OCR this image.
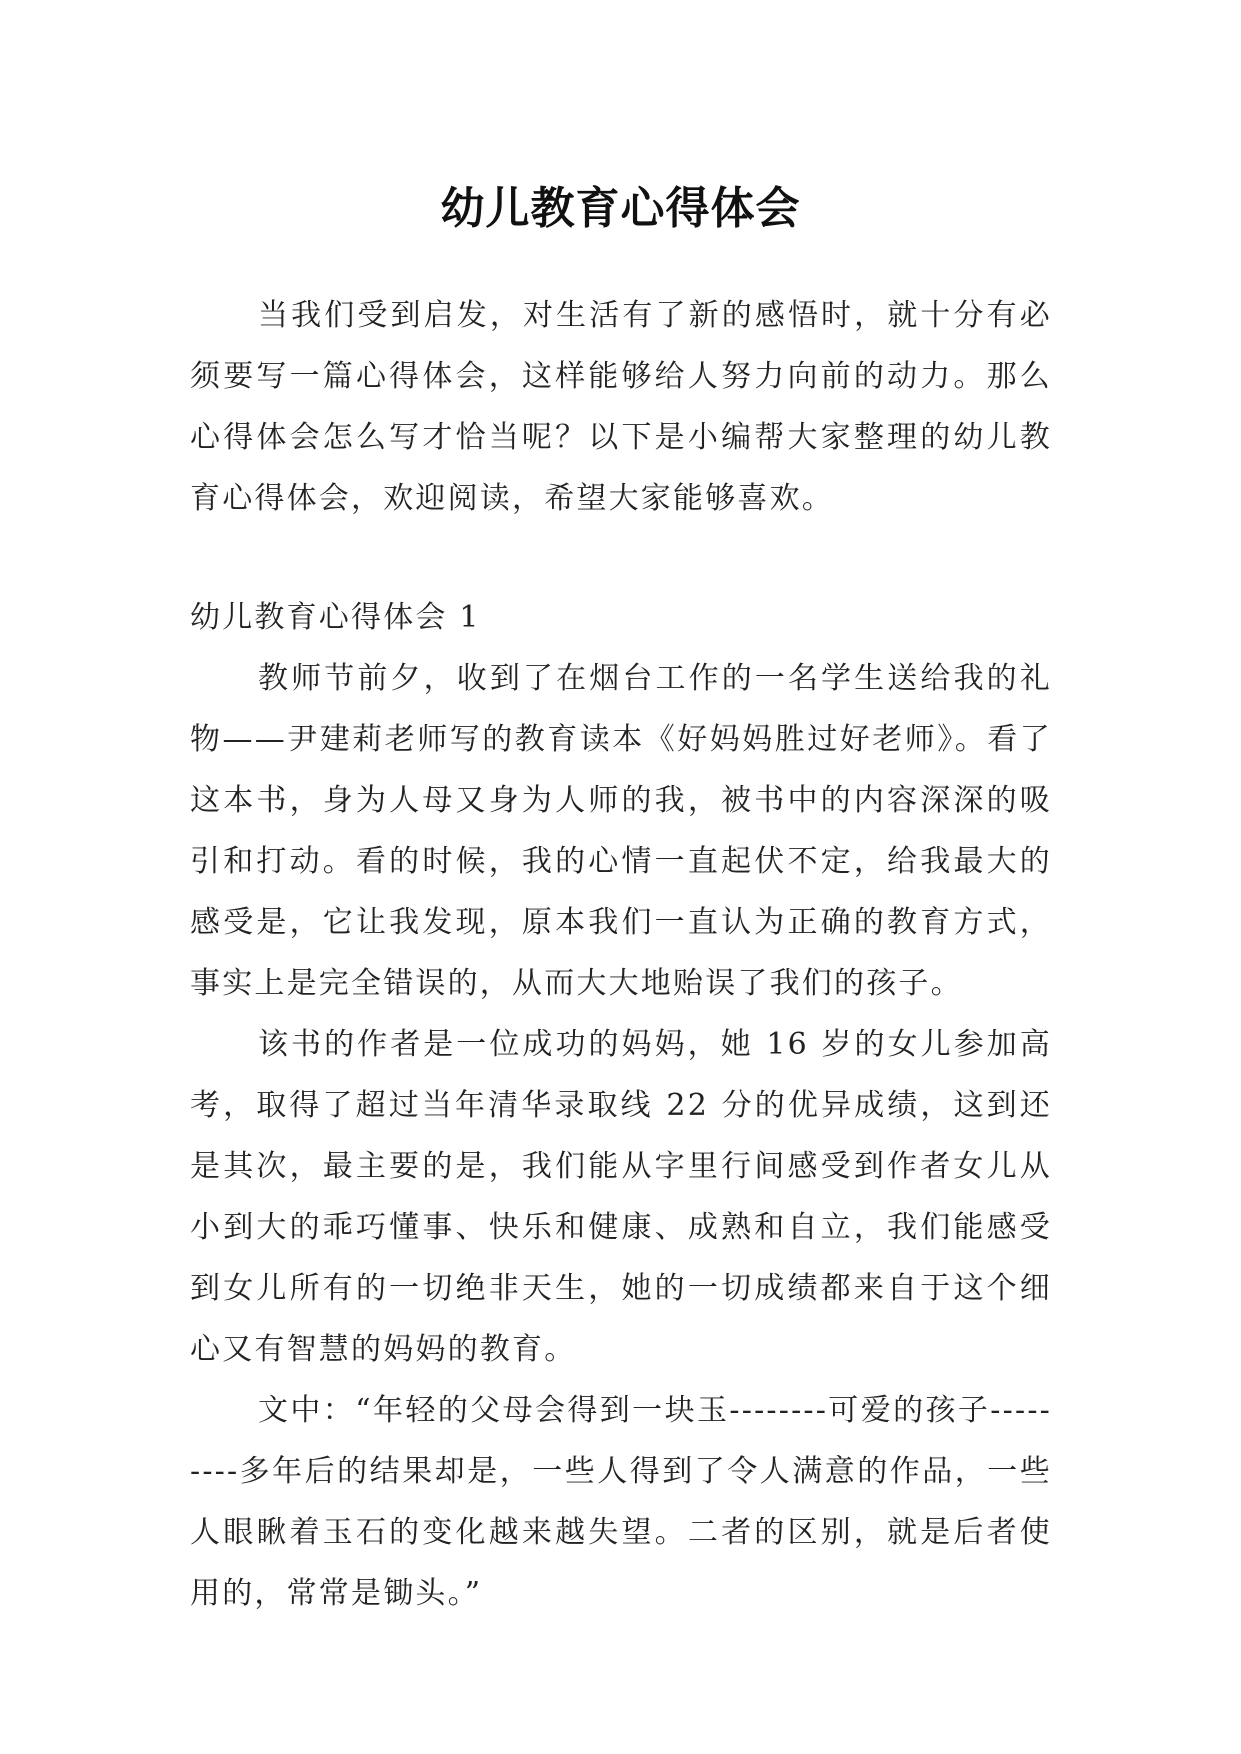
幼儿教育心得体会

当我们受到启发，对生活有了新的感悟时，就十分有必须要写一篇心得体会，这样能够给人努力向前的动力。那么心得体会怎么写才恰当呢？以下是小编帮大家整理的幼儿教育心得体会，欢迎阅读，希望大家能够喜欢。

幼儿教育心得体会 1

教师节前夕，收到了在烟台工作的一名学生送给我的礼物——尹建莉老师写的教育读本《好妈妈胜过好老师》。看了这本书，身为人母又身为人师的我，被书中的内容深深的吸引和打动。看的时候，我的心情一直起伏不定，给我最大的感受是，它让我发现，原本我们一直认为正确的教育方式，事实上是完全错误的，从而大大地贻误了我们的孩子。

该书的作者是一位成功的妈妈，她 16 岁的女儿参加高考，取得了超过当年清华录取线 22 分的优异成绩，这到还是其次，最主要的是，我们能从字里行间感受到作者女儿从小到大的乖巧懂事、快乐和健康、成熟和自立，我们能感受到女儿所有的一切绝非天生，她的一切成绩都来自于这个细心又有智慧的妈妈的教育。

文中：“年轻的父母会得到一块玉--------可爱的孩子---------多年后的结果却是，一些人得到了令人满意的作品，一些人眼瞅着玉石的变化越来越失望。二者的区别，就是后者使用的，常常是锄头。”
